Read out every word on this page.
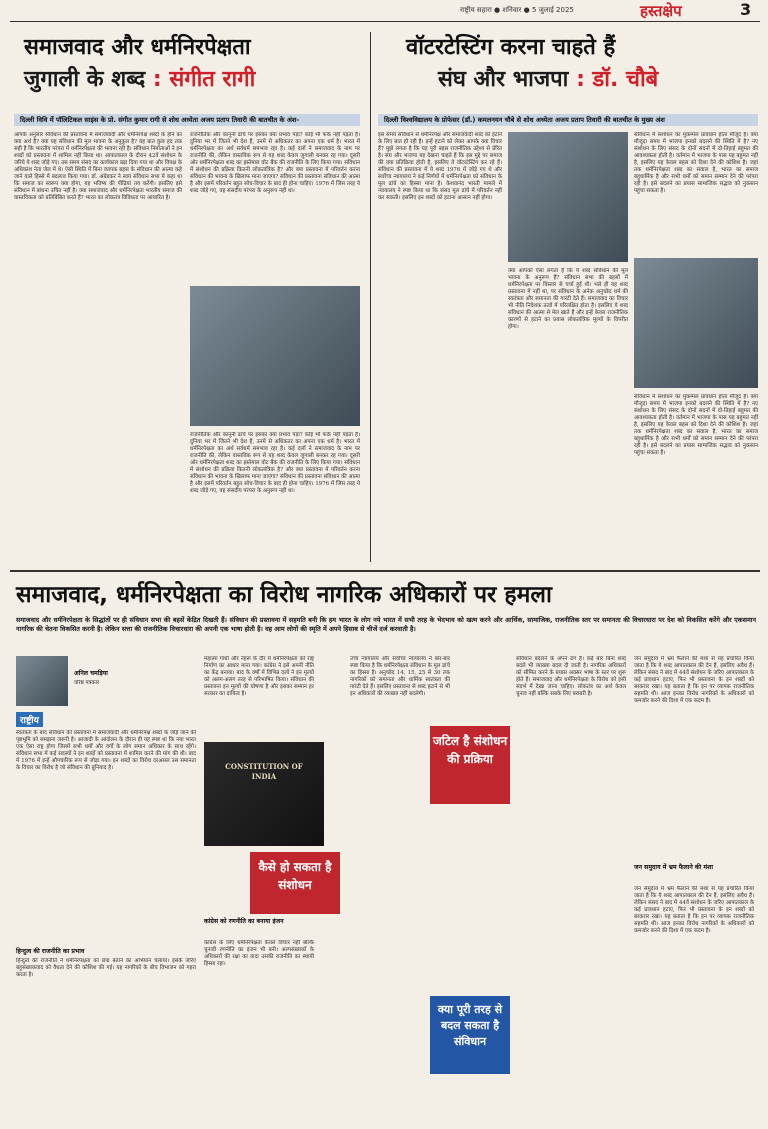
राष्ट्रीय सहारा ● शनिवार ● 5 जुलाई 2025	हस्तक्षेप	3
समाजवाद और धर्मनिरपेक्षता
जुगाली के शब्द : संगीत रागी
दिल्ली विवि में पॉलिटिकल साइंस के प्रो. संगीत कुमार रागी से शोध अध्येता अजय प्रताप तिवारी की बातचीत के अंश-
आपके अनुसार संविधान की प्रस्तावना में समाजवादी और धर्मनिरपेक्ष शब्दों के होने का क्या अर्थ है? क्या यह संविधान की मूल भावना के अनुकूल है? यह बात कुछ हद तक सही है कि भारतीय परंपरा में धर्मनिरपेक्षता की भावना रही है। संविधान निर्माताओं ने इन शब्दों को प्रस्तावना में शामिल नहीं किया था। आपातकाल के दौरान 42वें संशोधन के जरिये ये शब्द जोड़े गए। उस समय संसद का कार्यकाल बढ़ा दिया गया था और विपक्ष के अधिकांश नेता जेल में थे। ऐसी स्थिति में बिना व्यापक बहस के संविधान की आत्मा कहे जाने वाले हिस्से में बदलाव किया गया। डॉ. अंबेडकर ने स्वयं संविधान सभा में कहा था कि समाज का स्वरूप क्या होगा, यह भविष्य की पीढ़ियां तय करेंगी। इसलिए इसे संविधान में बांधना उचित नहीं है। क्या समाजवाद और धर्मनिरपेक्षता भारतीय समाज की वास्तविकता को प्रतिबिंबित करते हैं? भारत का लोकतंत्र विविधता पर आधारित है।
राजनीतिक और कानूनी ढांचे पर इसका क्या प्रभाव पड़ा? कोई भी फर्क नहीं पड़ता है। दुनिया भर में जितने भी देश हैं, उनमें से अधिकतर का अपना एक धर्म है। भारत में धर्मनिरपेक्षता का अर्थ सर्वधर्म समभाव रहा है। कई दलों ने समाजवाद के नाम पर राजनीति की, लेकिन वास्तविक रूप से यह शब्द केवल जुगाली बनकर रह गया। दूसरी ओर धर्मनिरपेक्षता शब्द का इस्तेमाल वोट बैंक की राजनीति के लिए किया गया। संविधान में संशोधन की प्रक्रिया कितनी लोकतांत्रिक है? और क्या प्रस्तावना में परिवर्तन करना संविधान की भावना के खिलाफ माना जाएगा? संविधान की प्रस्तावना संविधान की आत्मा है और इसमें परिवर्तन बहुत सोच-विचार के बाद ही होना चाहिए। 1976 में जिस तरह ये शब्द जोड़े गए, वह संसदीय परंपरा के अनुरूप नहीं था।
राजनीतिक और कानूनी ढांचे पर इसका क्या प्रभाव पड़ा? कोई भी फर्क नहीं पड़ता है। दुनिया भर में जितने भी देश हैं, उनमें से अधिकतर का अपना एक धर्म है। भारत में धर्मनिरपेक्षता का अर्थ सर्वधर्म समभाव रहा है। कई दलों ने समाजवाद के नाम पर राजनीति की, लेकिन वास्तविक रूप से यह शब्द केवल जुगाली बनकर रह गया। दूसरी ओर धर्मनिरपेक्षता शब्द का इस्तेमाल वोट बैंक की राजनीति के लिए किया गया। संविधान में संशोधन की प्रक्रिया कितनी लोकतांत्रिक है? और क्या प्रस्तावना में परिवर्तन करना संविधान की भावना के खिलाफ माना जाएगा? संविधान की प्रस्तावना संविधान की आत्मा है और इसमें परिवर्तन बहुत सोच-विचार के बाद ही होना चाहिए। 1976 में जिस तरह ये शब्द जोड़े गए, वह संसदीय परंपरा के अनुरूप नहीं था।
वॉटरटेस्टिंग करना चाहते हैं
संघ और भाजपा : डॉ. चौबे
दिल्ली विश्वविद्यालय के प्रोफेसर (डॉ.) कमलनयन चौबे से शोध अध्येता अजय प्रताप तिवारी की बातचीत के मुख्य अंश
इस समय संविधान से धर्मनिरपेक्ष और समाजवादी शब्द को हटाने के लिए बात हो रही है। इन्हें हटाने को लेकर आपके क्या विचार हैं? मुझे लगता है कि यह पूरी बहस राजनीतिक उद्देश्य से प्रेरित है। संघ और भाजपा यह देखना चाहते हैं कि इस मुद्दे पर समाज की क्या प्रतिक्रिया होती है, इसलिए वे वॉटरटेस्टिंग कर रहे हैं। संविधान की प्रस्तावना में ये शब्द 1976 में जोड़े गए थे और सर्वोच्च न्यायालय ने कई निर्णयों में धर्मनिरपेक्षता को संविधान के मूल ढांचे का हिस्सा माना है। केशवानंद भारती मामले में न्यायालय ने स्पष्ट किया था कि संसद मूल ढांचे में परिवर्तन नहीं कर सकती। इसलिए इन शब्दों को हटाना आसान नहीं होगा।
क्या आपको ऐसा लगता है कि ये शब्द संविधान की मूल भावना के अनुरूप हैं? संविधान सभा की बहसों में धर्मनिरपेक्षता पर विस्तार से चर्चा हुई थी। भले ही यह शब्द प्रस्तावना में नहीं था, पर संविधान के अनेक अनुच्छेद धर्म की स्वतंत्रता और समानता की गारंटी देते हैं। समाजवाद का विचार भी नीति निदेशक तत्वों में परिलक्षित होता है। इसलिए ये शब्द संविधान की आत्मा से मेल खाते हैं और इन्हें केवल राजनीतिक कारणों से हटाने का प्रयास लोकतांत्रिक मूल्यों के विपरीत होगा।
संविधान में संशोधन का मुकम्मल प्रावधान होता मौजूद है। क्या मौजूदा समय में भाजपा इनको बदलने की स्थिति में है? नए संशोधन के लिए संसद के दोनों सदनों में दो-तिहाई बहुमत की आवश्यकता होती है। वर्तमान में भाजपा के पास यह बहुमत नहीं है, इसलिए यह केवल बहस को दिशा देने की कोशिश है। जहां तक धर्मनिरपेक्षता शब्द का सवाल है, भारत का समाज बहुधार्मिक है और सभी धर्मों को समान सम्मान देने की परंपरा रही है। इसे बदलने का प्रयास सामाजिक सद्भाव को नुकसान पहुंचा सकता है।
संविधान में संशोधन का मुकम्मल प्रावधान होता मौजूद है। क्या मौजूदा समय में भाजपा इनको बदलने की स्थिति में है? नए संशोधन के लिए संसद के दोनों सदनों में दो-तिहाई बहुमत की आवश्यकता होती है। वर्तमान में भाजपा के पास यह बहुमत नहीं है, इसलिए यह केवल बहस को दिशा देने की कोशिश है। जहां तक धर्मनिरपेक्षता शब्द का सवाल है, भारत का समाज बहुधार्मिक है और सभी धर्मों को समान सम्मान देने की परंपरा रही है। इसे बदलने का प्रयास सामाजिक सद्भाव को नुकसान पहुंचा सकता है।
समाजवाद, धर्मनिरपेक्षता का विरोध नागरिक अधिकारों पर हमला
समाजवाद और धर्मनिरपेक्षता के सिद्धांतों पर ही संविधान सभा की बहसें केंद्रित दिखती हैं। संविधान की प्रस्तावना में सहमति बनी कि हम भारत के लोग नये भारत में सभी तरह के भेदभाव को खत्म करने और आर्थिक, सामाजिक, राजनीतिक स्तर पर समानता की विचारधारा पर देश को विकसित करेंगे और एकसमान नागरिक की चेतना विकसित करनी है। लेकिन सत्ता की राजनीतिक विचारधारा की अपनी एक भाषा होती है। वह आम लोगों की स्मृति में अपने हिसाब से चीजें दर्ज करवाती है।
अनिल चमड़िया
वरिष्ठ पत्रकार
राष्ट्रीय
स्वतंत्रता के बाद संविधान की प्रस्तावना में समाजवादी और धर्मनिरपेक्ष शब्दों के जोड़े जाने की पृष्ठभूमि को समझना जरूरी है। आजादी के आंदोलन के दौरान ही यह स्पष्ट था कि नया भारत एक ऐसा राष्ट्र होगा जिसमें सभी धर्मों और वर्गों के लोग समान अधिकार के साथ रहेंगे। संविधान सभा में कई सदस्यों ने इन शब्दों को प्रस्तावना में शामिल करने की मांग की थी। बाद में 1976 में इन्हें औपचारिक रूप से जोड़ा गया। इन शब्दों का विरोध दरअसल उस समानता के विचार का विरोध है जो संविधान की बुनियाद है।
हिन्दुत्व की राजनीति का प्रभाव
हिन्दुत्व की राजनीति ने धर्मनिरपेक्षता को छद्म बताने का अभियान चलाया। इसके जरिए बहुसंख्यकवाद को वैधता देने की कोशिश की गई। यह नागरिकों के बीच विभाजन को गहरा करता है।
महात्मा गांधी और नेहरू के दौर में धर्मनिरपेक्षता को राष्ट्र निर्माण का आधार माना गया। कांग्रेस ने इसे अपनी नीति का केंद्र बनाया। बाद के वर्षों में विभिन्न दलों ने इन मूल्यों को अलग-अलग तरह से परिभाषित किया। संविधान की प्रस्तावना इन मूल्यों की घोषणा है और इसका सम्मान हर सरकार का दायित्व है।
CONSTITUTION OF INDIA
कैसे हो सकता है संशोधन
कांग्रेस को रणनीति का बनाया इंजन
कांग्रेस के लिए धर्मनिरपेक्षता केवल विचार नहीं बल्कि चुनावी रणनीति का इंजन भी बनी। अल्पसंख्यकों के अधिकारों की रक्षा का वादा उसकी राजनीति का स्थायी हिस्सा रहा।
उच्च न्यायालय और सर्वोच्च न्यायालय ने बार-बार स्पष्ट किया है कि धर्मनिरपेक्षता संविधान के मूल ढांचे का हिस्सा है। अनुच्छेद 14, 15, 25 से 30 तक नागरिकों को समानता और धार्मिक स्वतंत्रता की गारंटी देते हैं। इसलिए प्रस्तावना से शब्द हटाने से भी इन अधिकारों की व्याख्या नहीं बदलेगी।
जटिल है संशोधन की प्रक्रिया
क्या पूरी तरह से बदल सकता है संविधान
संविधान बदलने के अपने ढंग हैं। कई बार बिना शब्द बदले भी व्याख्या बदल दी जाती है। नागरिक अधिकारों को सीमित करने के प्रयास अक्सर भाषा के स्तर पर शुरू होते हैं। समाजवाद और धर्मनिरपेक्षता के विरोध को इसी संदर्भ में देखा जाना चाहिए। लोकतंत्र का अर्थ केवल चुनाव नहीं बल्कि सबके लिए बराबरी है।
जन समुदाय में भ्रम फैलाने की मंशा से यह प्रचारित किया जाता है कि ये शब्द आपातकाल की देन हैं, इसलिए अवैध हैं। लेकिन संसद ने बाद में 44वें संशोधन के जरिए आपातकाल के कई प्रावधान हटाए, फिर भी प्रस्तावना के इन शब्दों को बरकरार रखा। यह बताता है कि इन पर व्यापक राजनीतिक सहमति थी। आज इनका विरोध नागरिकों के अधिकारों को कमजोर करने की दिशा में एक कदम है।
जन समुदाय में भ्रम फैलाने की मंशा
जन समुदाय में भ्रम फैलाने की मंशा से यह प्रचारित किया जाता है कि ये शब्द आपातकाल की देन हैं, इसलिए अवैध हैं। लेकिन संसद ने बाद में 44वें संशोधन के जरिए आपातकाल के कई प्रावधान हटाए, फिर भी प्रस्तावना के इन शब्दों को बरकरार रखा। यह बताता है कि इन पर व्यापक राजनीतिक सहमति थी। आज इनका विरोध नागरिकों के अधिकारों को कमजोर करने की दिशा में एक कदम है।
